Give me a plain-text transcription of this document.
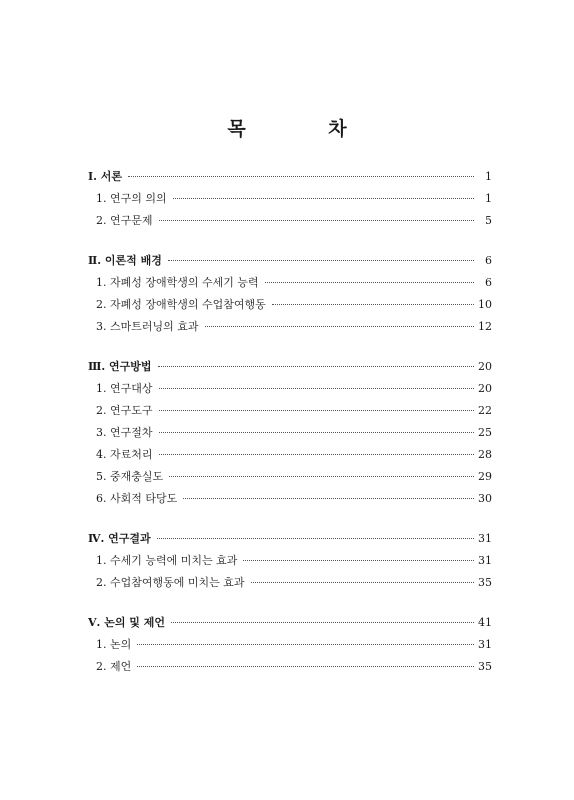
목 차
Ⅰ. 서론	1
1. 연구의 의의	1
2. 연구문제	5
Ⅱ. 이론적 배경	6
1. 자폐성 장애학생의 수세기 능력	6
2. 자폐성 장애학생의 수업참여행동	10
3. 스마트러닝의 효과	12
Ⅲ. 연구방법	20
1. 연구대상	20
2. 연구도구	22
3. 연구절차	25
4. 자료처리	28
5. 중재충실도	29
6. 사회적 타당도	30
Ⅳ. 연구결과	31
1. 수세기 능력에 미치는 효과	31
2. 수업참여행동에 미치는 효과	35
Ⅴ. 논의 및 제언	41
1. 논의	31
2. 제언	35
